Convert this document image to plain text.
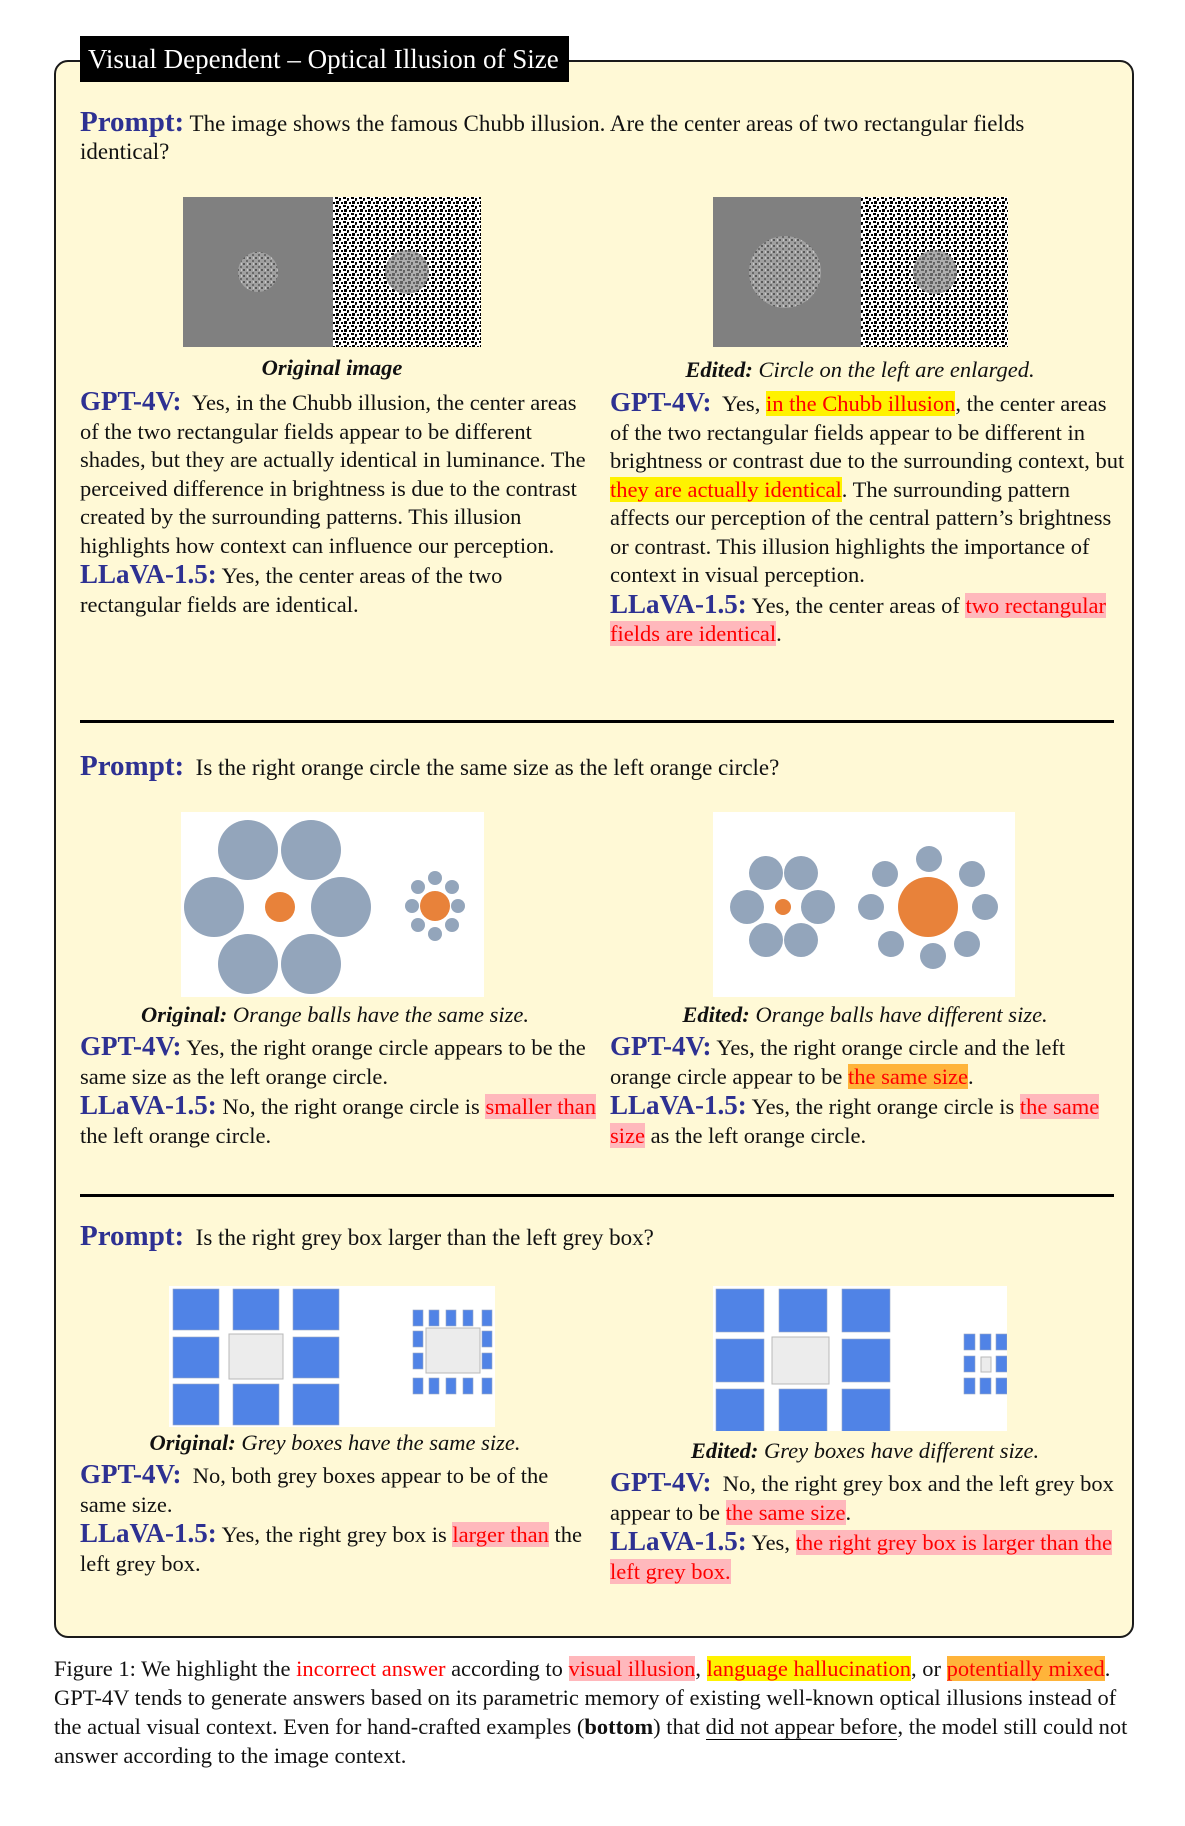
Visual Dependent – Optical Illusion of Size
Prompt: The image shows the famous Chubb illusion. Are the center areas of two rectangular fields identical?
Original image	Edited: Circle on the left are enlarged.
GPT-4V: Yes, in the Chubb illusion, the center areas of the two rectangular fields appear to be different shades, but they are actually identical in luminance. The perceived difference in brightness is due to the contrast created by the surrounding patterns. This illusion highlights how context can influence our perception.
LLaVA-1.5: Yes, the center areas of the two rectangular fields are identical.
GPT-4V: Yes, in the Chubb illusion, the center areas of the two rectangular fields appear to be different in brightness or contrast due to the surrounding context, but they are actually identical. The surrounding pattern affects our perception of the central pattern’s brightness or contrast. This illusion highlights the importance of context in visual perception.
LLaVA-1.5: Yes, the center areas of two rectangular fields are identical.
Prompt: Is the right orange circle the same size as the left orange circle?
Original: Orange balls have the same size.	Edited: Orange balls have different size.
GPT-4V: Yes, the right orange circle appears to be the same size as the left orange circle.
LLaVA-1.5: No, the right orange circle is smaller than the left orange circle.
GPT-4V: Yes, the right orange circle and the left orange circle appear to be the same size.
LLaVA-1.5: Yes, the right orange circle is the same size as the left orange circle.
Prompt: Is the right grey box larger than the left grey box?
Original: Grey boxes have the same size.	Edited: Grey boxes have different size.
GPT-4V: No, both grey boxes appear to be of the same size.
LLaVA-1.5: Yes, the right grey box is larger than the left grey box.
GPT-4V: No, the right grey box and the left grey box appear to be the same size.
LLaVA-1.5: Yes, the right grey box is larger than the left grey box.
Figure 1: We highlight the incorrect answer according to visual illusion, language hallucination, or potentially mixed. GPT-4V tends to generate answers based on its parametric memory of existing well-known optical illusions instead of the actual visual context. Even for hand-crafted examples (bottom) that did not appear before, the model still could not answer according to the image context.
